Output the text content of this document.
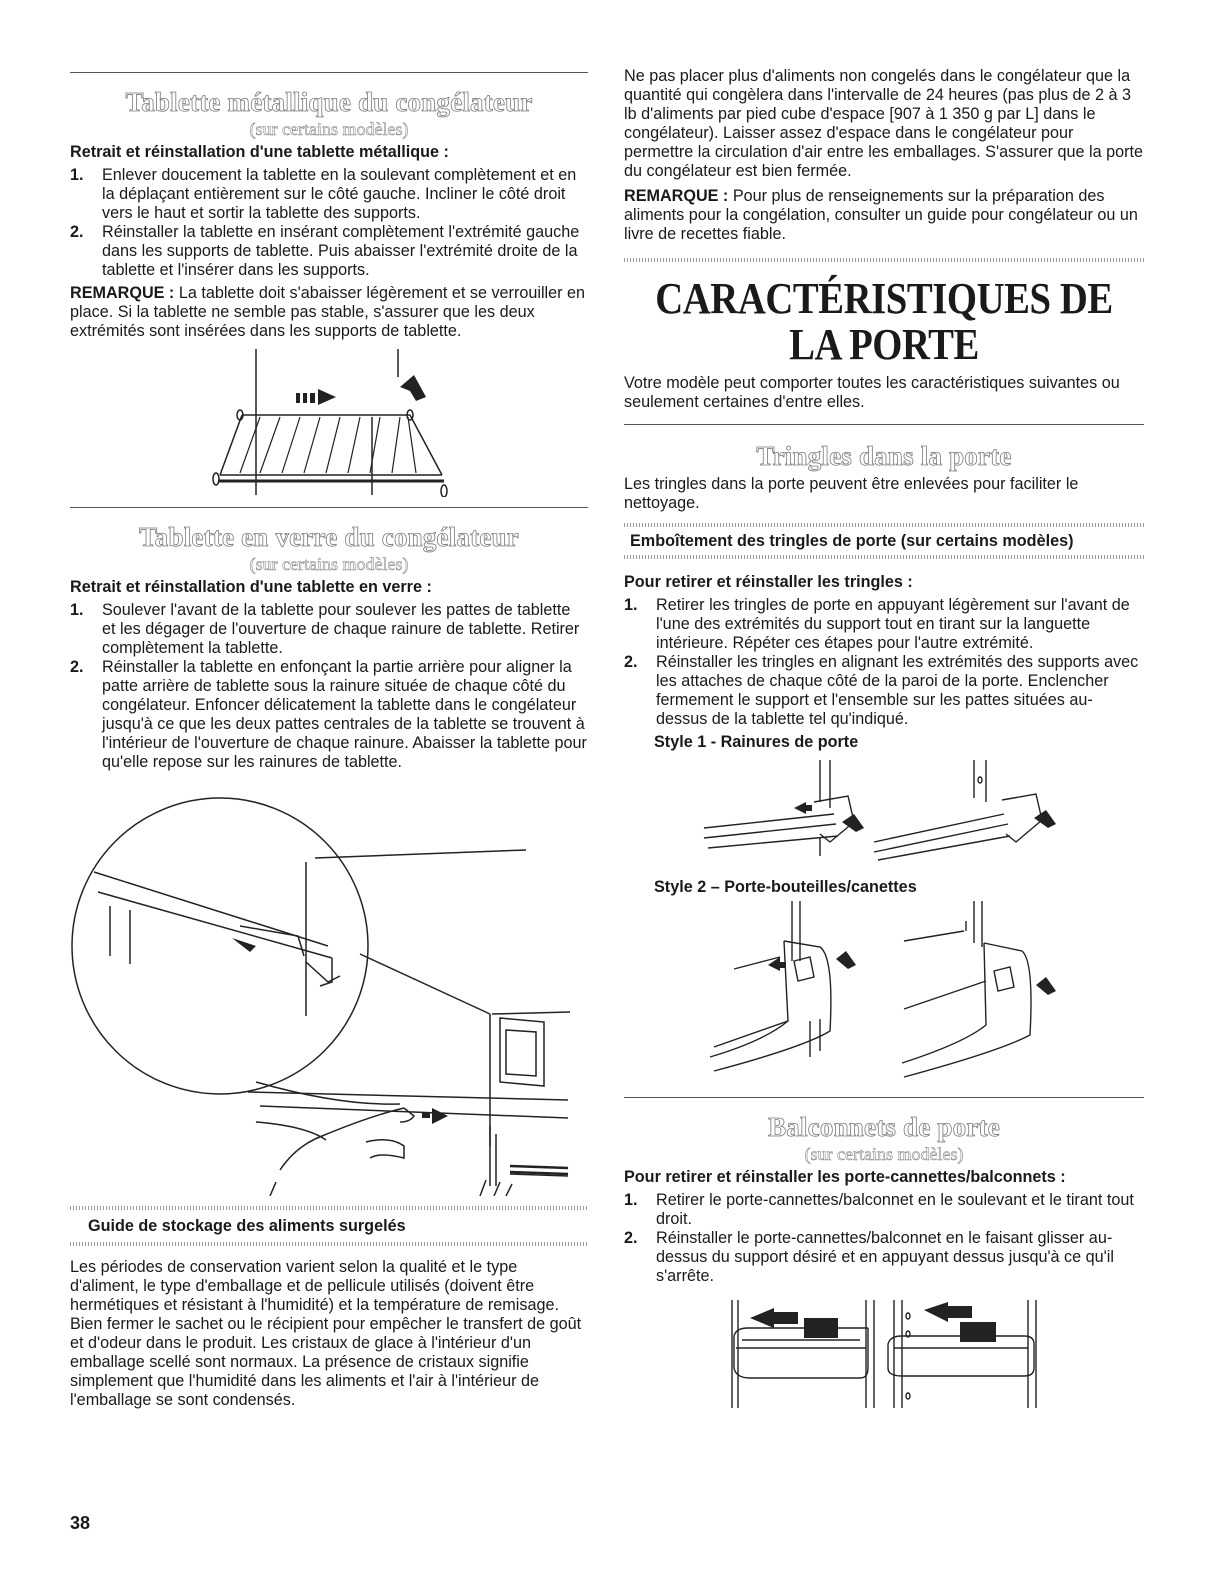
Tablette métallique du congélateur
(sur certains modèles)

Retrait et réinstallation d'une tablette métallique :

1. Enlever doucement la tablette en la soulevant complètement et en la déplaçant entièrement sur le côté gauche. Incliner le côté droit vers le haut et sortir la tablette des supports.
2. Réinstaller la tablette en insérant complètement l'extrémité gauche dans les supports de tablette. Puis abaisser l'extrémité droite de la tablette et l'insérer dans les supports.

REMARQUE : La tablette doit s'abaisser légèrement et se verrouiller en place. Si la tablette ne semble pas stable, s'assurer que les deux extrémités sont insérées dans les supports de tablette.

Tablette en verre du congélateur
(sur certains modèles)

Retrait et réinstallation d'une tablette en verre :

1. Soulever l'avant de la tablette pour soulever les pattes de tablette et les dégager de l'ouverture de chaque rainure de tablette. Retirer complètement la tablette.
2. Réinstaller la tablette en enfonçant la partie arrière pour aligner la patte arrière de tablette sous la rainure située de chaque côté du congélateur. Enfoncer délicatement la tablette dans le congélateur jusqu'à ce que les deux pattes centrales de la tablette se trouvent à l'intérieur de l'ouverture de chaque rainure. Abaisser la tablette pour qu'elle repose sur les rainures de tablette.
Guide de stockage des aliments surgelés

Les périodes de conservation varient selon la qualité et le type d'aliment, le type d'emballage et de pellicule utilisés (doivent être hermétiques et résistant à l'humidité) et la température de remisage. Bien fermer le sachet ou le récipient pour empêcher le transfert de goût et d'odeur dans le produit. Les cristaux de glace à l'intérieur d'un emballage scellé sont normaux. La présence de cristaux signifie simplement que l'humidité dans les aliments et l'air à l'intérieur de l'emballage se sont condensés.

Ne pas placer plus d'aliments non congelés dans le congélateur que la quantité qui congèlera dans l'intervalle de 24 heures (pas plus de 2 à 3 lb d'aliments par pied cube d'espace [907 à 1 350 g par L] dans le congélateur). Laisser assez d'espace dans le congélateur pour permettre la circulation d'air entre les emballages. S'assurer que la porte du congélateur est bien fermée.

REMARQUE : Pour plus de renseignements sur la préparation des aliments pour la congélation, consulter un guide pour congélateur ou un livre de recettes fiable.

CARACTÉRISTIQUES DE
LA PORTE

Votre modèle peut comporter toutes les caractéristiques suivantes ou seulement certaines d'entre elles.

Tringles dans la porte

Les tringles dans la porte peuvent être enlevées pour faciliter le nettoyage.

Emboîtement des tringles de porte (sur certains modèles)

Pour retirer et réinstaller les tringles :

1. Retirer les tringles de porte en appuyant légèrement sur l'avant de l'une des extrémités du support tout en tirant sur la languette intérieure. Répéter ces étapes pour l'autre extrémité.
2. Réinstaller les tringles en alignant les extrémités des supports avec les attaches de chaque côté de la paroi de la porte. Enclencher fermement le support et l'ensemble sur les pattes situées au-dessus de la tablette tel qu'indiqué.

Style 1 - Rainures de porte

Style 2 – Porte-bouteilles/canettes

Balconnets de porte
(sur certains modèles)

Pour retirer et réinstaller les porte-cannettes/balconnets :

1. Retirer le porte-cannettes/balconnet en le soulevant et le tirant tout droit.
2. Réinstaller le porte-cannettes/balconnet en le faisant glisser au-dessus du support désiré et en appuyant dessus jusqu'à ce qu'il s'arrête.
38
